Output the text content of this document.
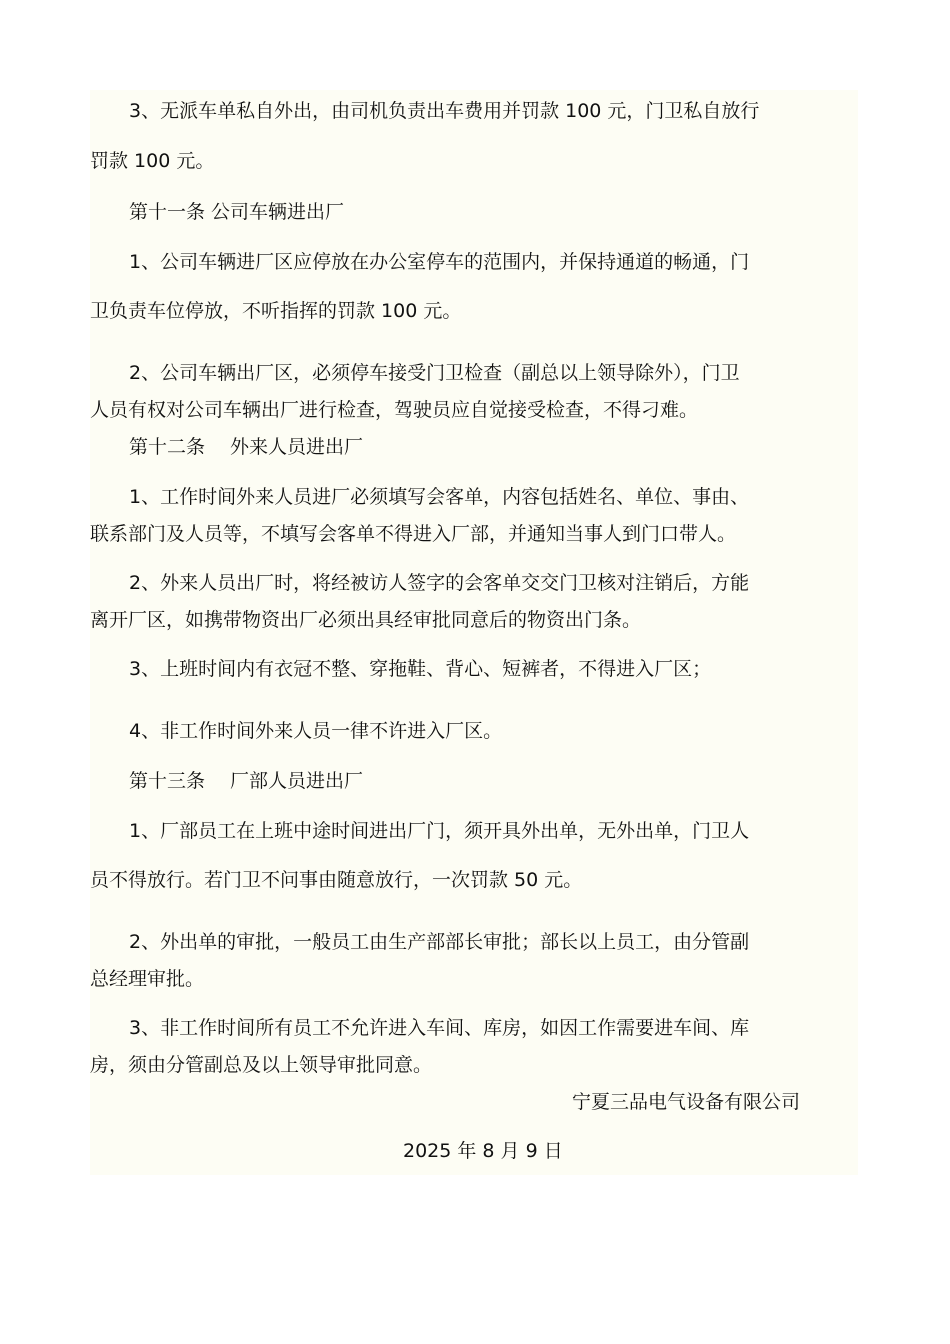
3、无派车单私自外出，由司机负责出车费用并罚款 100 元，门卫私自放行
罚款 100 元。
第十一条 公司车辆进出厂
1、公司车辆进厂区应停放在办公室停车的范围内，并保持通道的畅通，门
卫负责车位停放，不听指挥的罚款 100 元。
2、公司车辆出厂区，必须停车接受门卫检查（副总以上领导除外），门卫
人员有权对公司车辆出厂进行检查，驾驶员应自觉接受检查，不得刁难。
第十二条　 外来人员进出厂
1、工作时间外来人员进厂必须填写会客单，内容包括姓名、单位、事由、
联系部门及人员等，不填写会客单不得进入厂部，并通知当事人到门口带人。
2、外来人员出厂时，将经被访人签字的会客单交交门卫核对注销后，方能
离开厂区，如携带物资出厂必须出具经审批同意后的物资出门条。
3、上班时间内有衣冠不整、穿拖鞋、背心、短裤者，不得进入厂区；
4、非工作时间外来人员一律不许进入厂区。
第十三条　 厂部人员进出厂
1、厂部员工在上班中途时间进出厂门，须开具外出单，无外出单，门卫人
员不得放行。若门卫不问事由随意放行，一次罚款 50 元。
2、外出单的审批，一般员工由生产部部长审批；部长以上员工，由分管副
总经理审批。
3、非工作时间所有员工不允许进入车间、库房，如因工作需要进车间、库
房，须由分管副总及以上领导审批同意。
宁夏三品电气设备有限公司
2025 年 8 月 9 日
